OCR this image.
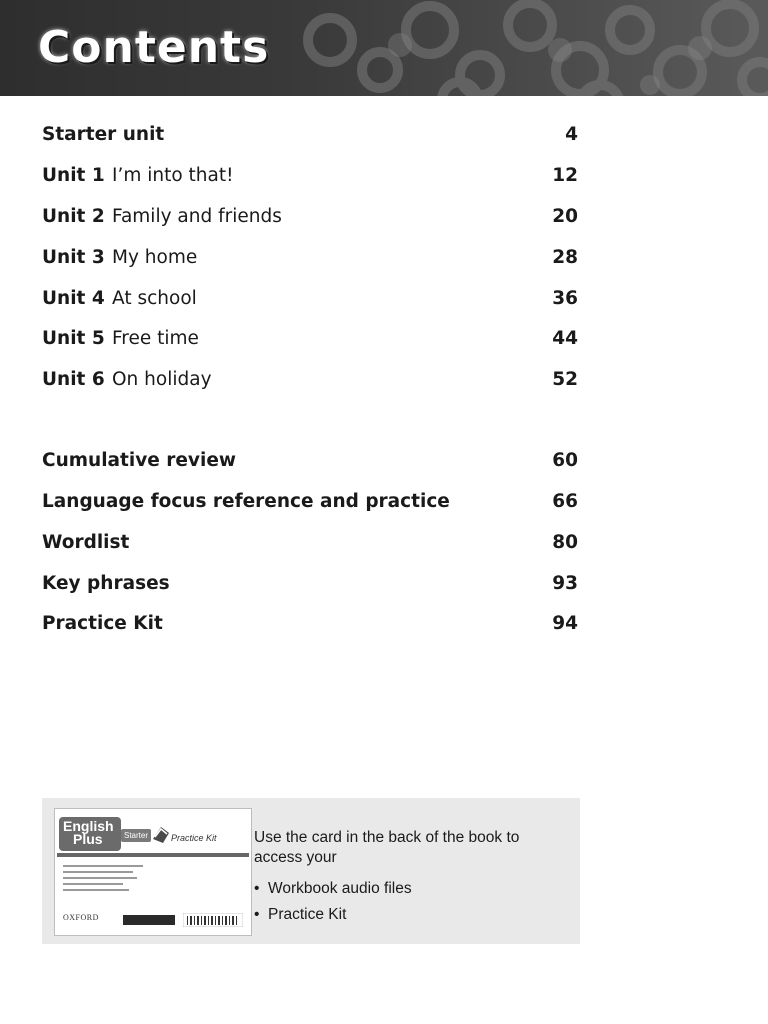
Contents
Starter unit	4
Unit 1 I’m into that!	12
Unit 2 Family and friends	20
Unit 3 My home	28
Unit 4 At school	36
Unit 5 Free time	44
Unit 6 On holiday	52
Cumulative review	60
Language focus reference and practice	66
Wordlist	80
Key phrases	93
Practice Kit	94
English
Plus	Starter	Practice Kit
OXFORD
Use the card in the back of the book to access your
• Workbook audio files
• Practice Kit
